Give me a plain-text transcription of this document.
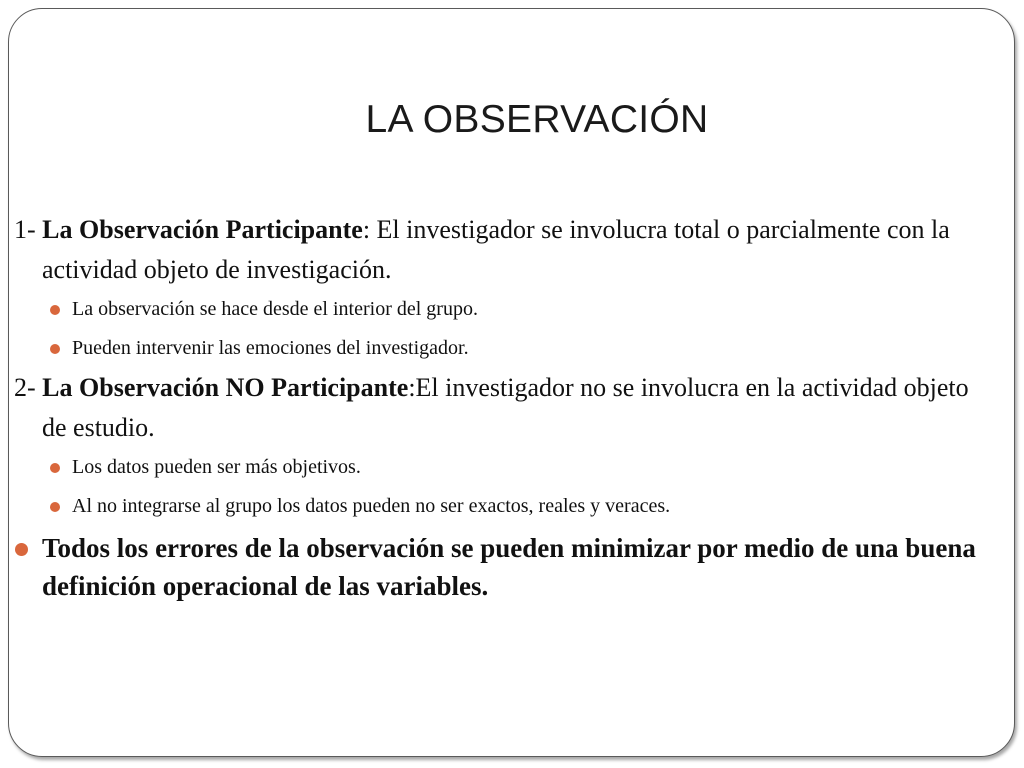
LA OBSERVACIÓN

1- La Observación Participante: El investigador se involucra total o parcialmente con la actividad objeto de investigación.

La observación se hace desde el interior del grupo.

Pueden intervenir las emociones del investigador.

2- La Observación NO Participante:El investigador no se involucra en la actividad objeto de estudio.

Los datos pueden ser más objetivos.

Al no integrarse al grupo los datos pueden no ser exactos, reales y veraces.

Todos los errores de la observación se pueden minimizar por medio de una buena definición operacional de las variables.
